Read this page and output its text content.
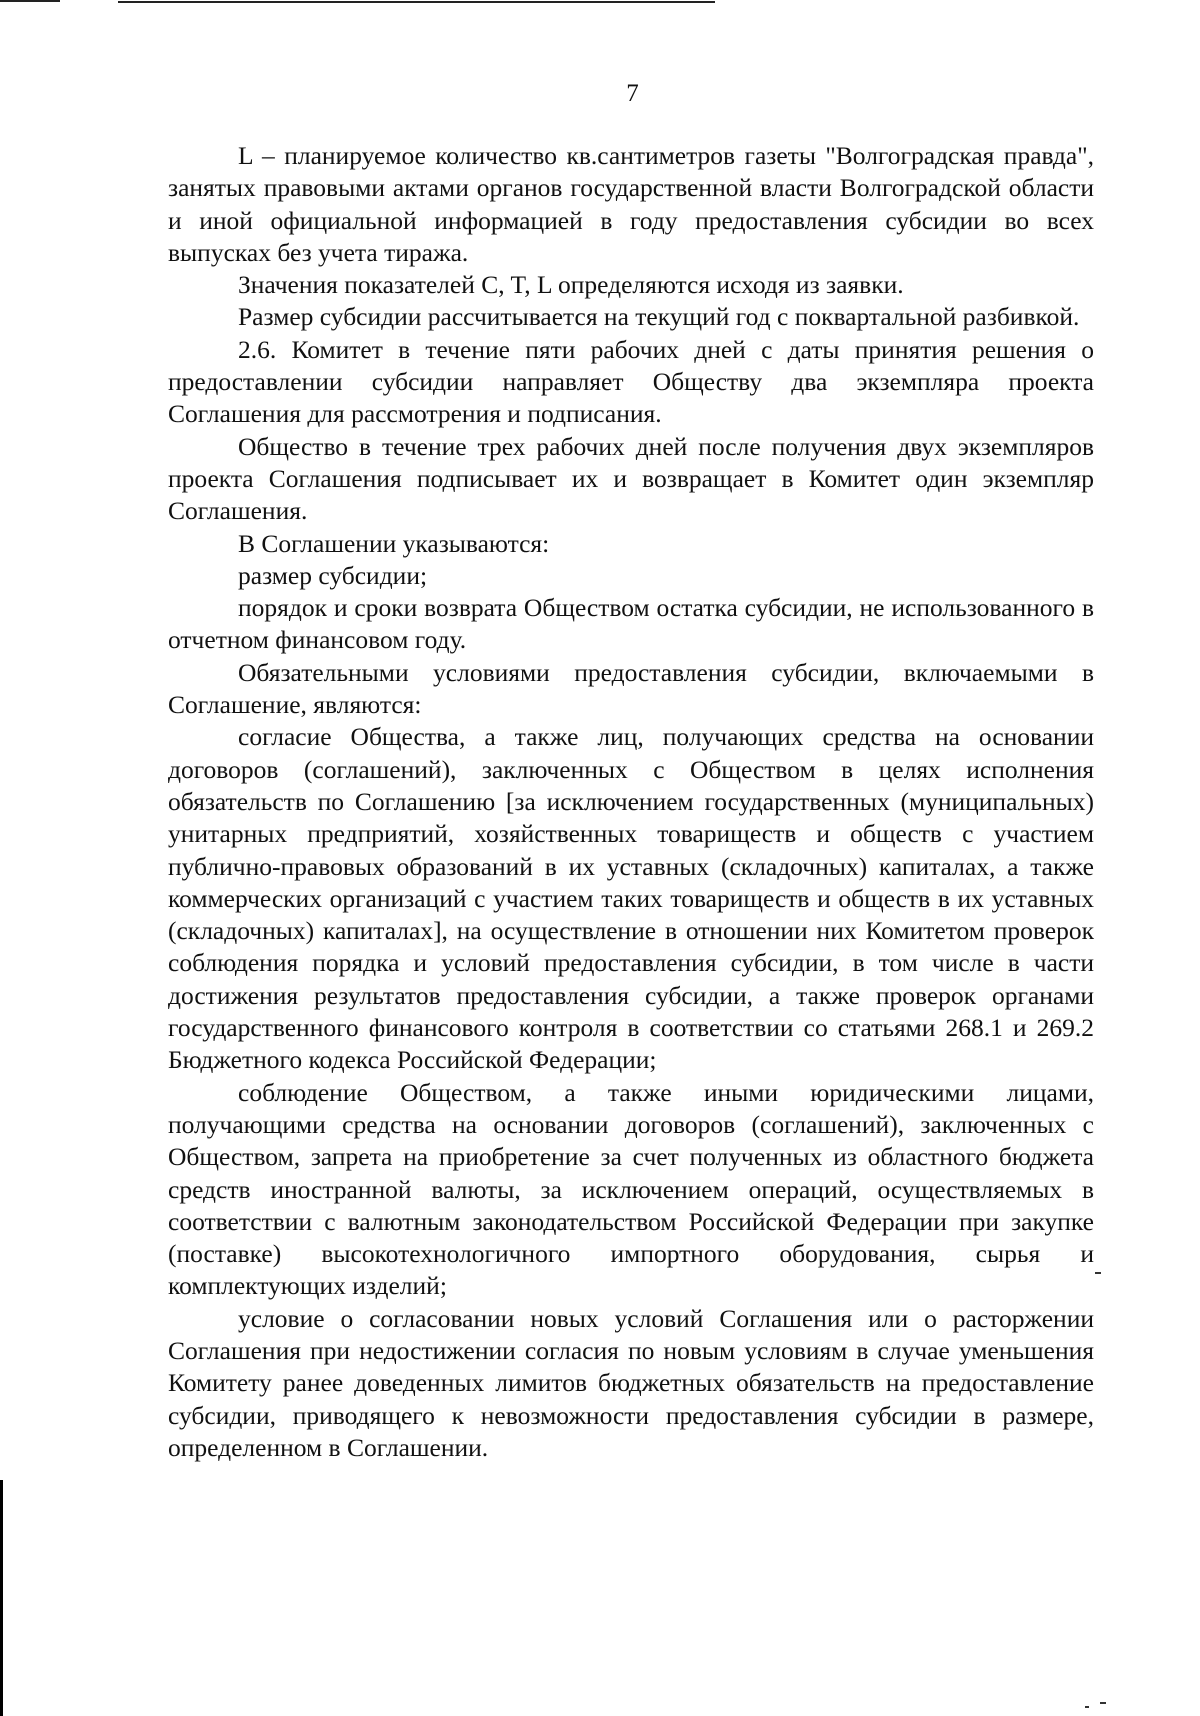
7

L – планируемое количество кв.сантиметров газеты "Волгоградская правда", занятых правовыми актами органов государственной власти Волгоградской области и иной официальной информацией в году предоставления субсидии во всех выпусках без учета тиража.

Значения показателей C, T, L определяются исходя из заявки.

Размер субсидии рассчитывается на текущий год с поквартальной разбивкой.

2.6. Комитет в течение пяти рабочих дней с даты принятия решения о предоставлении субсидии направляет Обществу два экземпляра проекта Соглашения для рассмотрения и подписания.

Общество в течение трех рабочих дней после получения двух экземпляров проекта Соглашения подписывает их и возвращает в Комитет один экземпляр Соглашения.

В Соглашении указываются:

размер субсидии;

порядок и сроки возврата Обществом остатка субсидии, не использованного в отчетном финансовом году.

Обязательными условиями предоставления субсидии, включаемыми в Соглашение, являются:

согласие Общества, а также лиц, получающих средства на основании договоров (соглашений), заключенных с Обществом в целях исполнения обязательств по Соглашению [за исключением государственных (муниципальных) унитарных предприятий, хозяйственных товариществ и обществ с участием публично-правовых образований в их уставных (складочных) капиталах, а также коммерческих организаций с участием таких товариществ и обществ в их уставных (складочных) капиталах], на осуществление в отношении них Комитетом проверок соблюдения порядка и условий предоставления субсидии, в том числе в части достижения результатов предоставления субсидии, а также проверок органами государственного финансового контроля в соответствии со статьями 268.1 и 269.2 Бюджетного кодекса Российской Федерации;

соблюдение Обществом, а также иными юридическими лицами, получающими средства на основании договоров (соглашений), заключенных с Обществом, запрета на приобретение за счет полученных из областного бюджета средств иностранной валюты, за исключением операций, осуществляемых в соответствии с валютным законодательством Российской Федерации при закупке (поставке) высокотехнологичного импортного оборудования, сырья и комплектующих изделий;

условие о согласовании новых условий Соглашения или о расторжении Соглашения при недостижении согласия по новым условиям в случае уменьшения Комитету ранее доведенных лимитов бюджетных обязательств на предоставление субсидии, приводящего к невозможности предоставления субсидии в размере, определенном в Соглашении.
